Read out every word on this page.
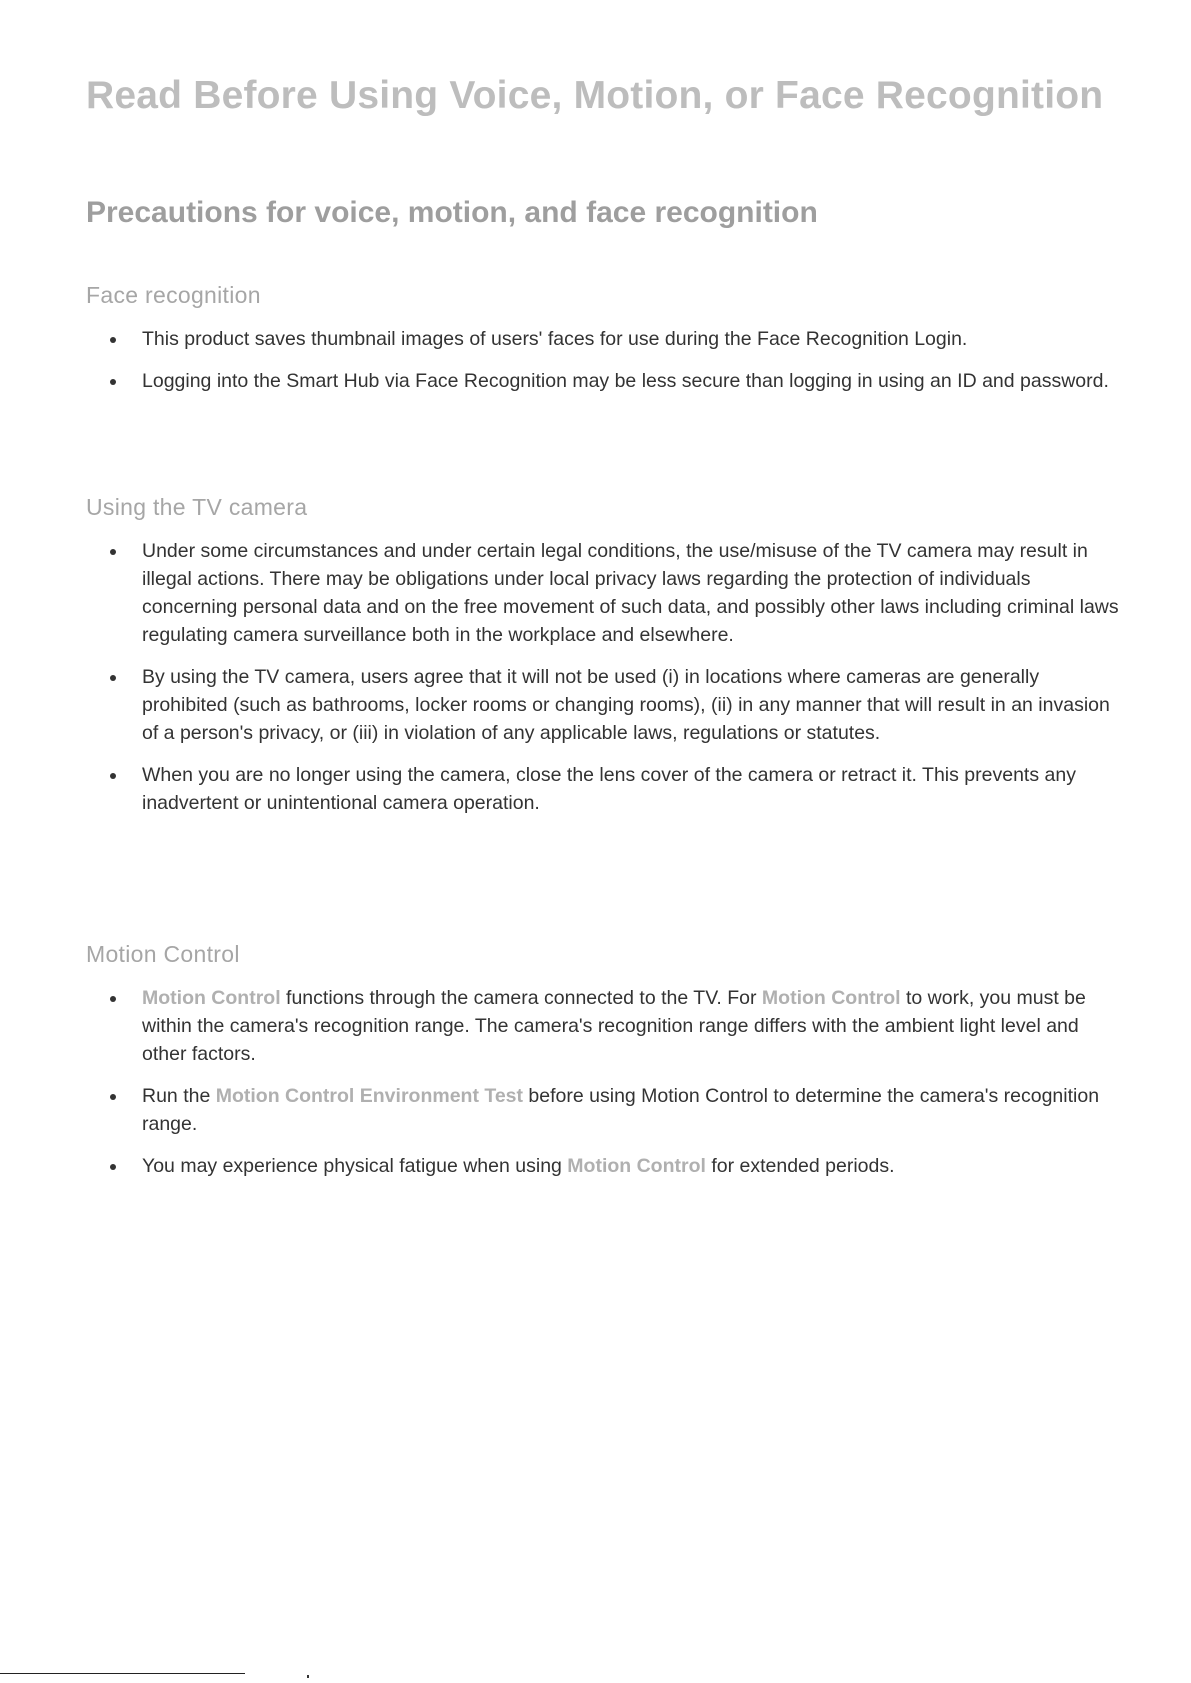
Read Before Using Voice, Motion, or Face Recognition
Precautions for voice, motion, and face recognition
Face recognition
This product saves thumbnail images of users' faces for use during the Face Recognition Login.
Logging into the Smart Hub via Face Recognition may be less secure than logging in using an ID and password.
Using the TV camera
Under some circumstances and under certain legal conditions, the use/misuse of the TV camera may result in illegal actions. There may be obligations under local privacy laws regarding the protection of individuals concerning personal data and on the free movement of such data, and possibly other laws including criminal laws regulating camera surveillance both in the workplace and elsewhere.
By using the TV camera, users agree that it will not be used (i) in locations where cameras are generally prohibited (such as bathrooms, locker rooms or changing rooms), (ii) in any manner that will result in an invasion of a person's privacy, or (iii) in violation of any applicable laws, regulations or statutes.
When you are no longer using the camera, close the lens cover of the camera or retract it. This prevents any inadvertent or unintentional camera operation.
Motion Control
Motion Control functions through the camera connected to the TV. For Motion Control to work, you must be within the camera's recognition range. The camera's recognition range differs with the ambient light level and other factors.
Run the Motion Control Environment Test before using Motion Control to determine the camera's recognition range.
You may experience physical fatigue when using Motion Control for extended periods.
